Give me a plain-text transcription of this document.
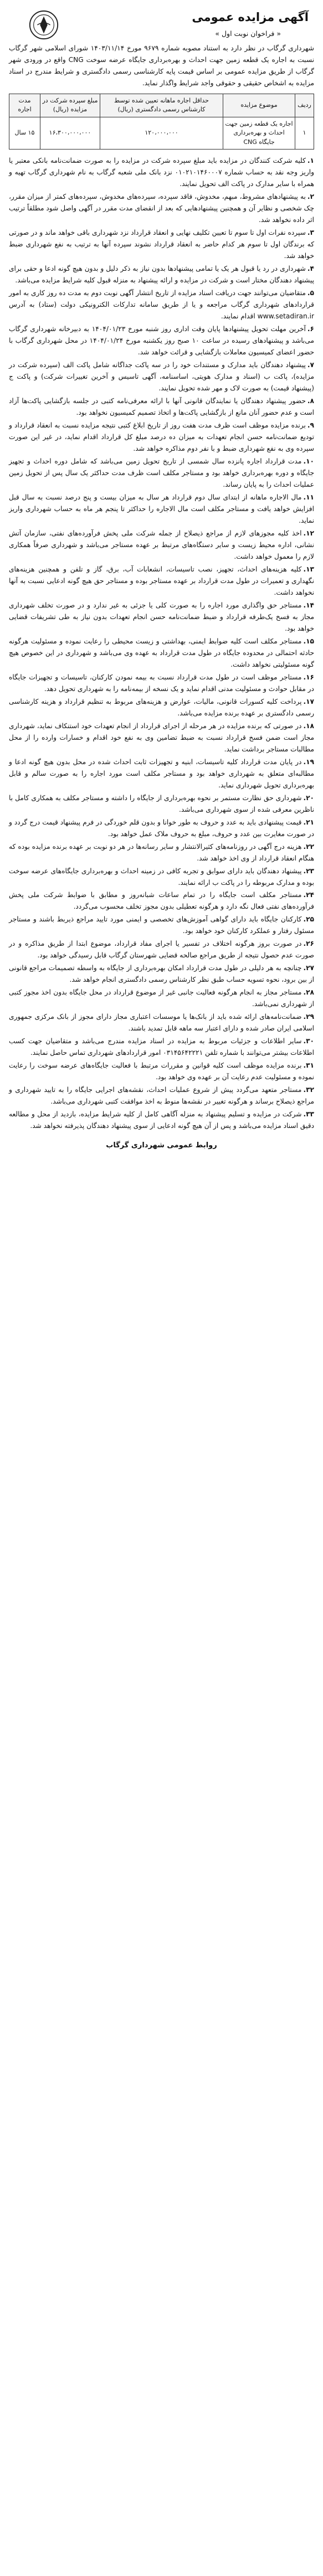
آگهی مزایده عمومی
« فراخوان نوبت اول »

شهرداری گرگاب در نظر دارد به استناد مصوبه شماره ۹۶۷۹ مورخ ۱۴۰۳/۱۱/۱۴ شورای اسلامی شهر گرگاب نسبت به اجاره یک قطعه زمین جهت احداث و بهره‌برداری جایگاه عرضه سوخت CNG واقع در ورودی شهر گرگاب از طریق مزایده عمومی بر اساس قیمت پایه کارشناسی رسمی دادگستری و شرایط مندرج در اسناد مزایده به اشخاص حقیقی و حقوقی واجد شرایط واگذار نماید.

ردیف	موضوع مزایده	حداقل اجاره ماهانه تعیین شده توسط کارشناس رسمی دادگستری (ریال)	مبلغ سپرده شرکت در مزایده (ریال)	مدت اجاره
۱	اجاره یک قطعه زمین جهت احداث و بهره‌برداری جایگاه CNG	۱۲۰،۰۰۰،۰۰۰	۱۶،۳۰۰،۰۰۰،۰۰۰	۱۵ سال
۱.کلیه شرکت کنندگان در مزایده باید مبلغ سپرده شرکت در مزایده را به صورت ضمانت‌نامه بانکی معتبر یا واریز وجه نقد به حساب شماره ۰۱۰۲۱۰۱۴۶۰۰۰۷ نزد بانک ملی شعبه گرگاب به نام شهرداری گرگاب تهیه و همراه با سایر مدارک در پاکت الف تحویل نمایند.
۲.به پیشنهادهای مشروط، مبهم، مخدوش، فاقد سپرده، سپرده‌های مخدوش، سپرده‌های کمتر از میزان مقرر، چک شخصی و نظایر آن و همچنین پیشنهادهایی که بعد از انقضای مدت مقرر در آگهی واصل شود مطلقاً ترتیب اثر داده نخواهد شد.
۳.سپرده نفرات اول تا سوم تا تعیین تکلیف نهایی و انعقاد قرارداد نزد شهرداری باقی خواهد ماند و در صورتی که برندگان اول تا سوم هر کدام حاضر به انعقاد قرارداد نشوند سپرده آنها به ترتیب به نفع شهرداری ضبط خواهد شد.
۴.شهرداری در رد یا قبول هر یک یا تمامی پیشنهادها بدون نیاز به ذکر دلیل و بدون هیچ گونه ادعا و حقی برای پیشنهاد دهندگان مختار است و شرکت در مزایده و ارائه پیشنهاد به منزله قبول کلیه شرایط مزایده می‌باشد.
۵.متقاضیان می‌توانند جهت دریافت اسناد مزایده از تاریخ انتشار آگهی نوبت دوم به مدت ده روز کاری به امور قراردادهای شهرداری گرگاب مراجعه و یا از طریق سامانه تدارکات الکترونیکی دولت (ستاد) به آدرس www.setadiran.ir اقدام نمایند.
۶.آخرین مهلت تحویل پیشنهادها پایان وقت اداری روز شنبه مورخ ۱۴۰۴/۰۱/۲۳ به دبیرخانه شهرداری گرگاب می‌باشد و پیشنهادهای رسیده در ساعت ۱۰ صبح روز یکشنبه مورخ ۱۴۰۴/۰۱/۲۴ در محل شهرداری گرگاب با حضور اعضای کمیسیون معاملات بازگشایی و قرائت خواهد شد.
۷.پیشنهاد دهندگان باید مدارک و مستندات خود را در سه پاکت جداگانه شامل پاکت الف (سپرده شرکت در مزایده)، پاکت ب (اسناد و مدارک هویتی، اساسنامه، آگهی تاسیس و آخرین تغییرات شرکت) و پاکت ج (پیشنهاد قیمت) به صورت لاک و مهر شده تحویل نمایند.
۸.حضور پیشنهاد دهندگان یا نمایندگان قانونی آنها با ارائه معرفی‌نامه کتبی در جلسه بازگشایی پاکت‌ها آزاد است و عدم حضور آنان مانع از بازگشایی پاکت‌ها و اتخاذ تصمیم کمیسیون نخواهد بود.
۹.برنده مزایده موظف است ظرف مدت هفت روز از تاریخ ابلاغ کتبی نتیجه مزایده نسبت به انعقاد قرارداد و تودیع ضمانت‌نامه حسن انجام تعهدات به میزان ده درصد مبلغ کل قرارداد اقدام نماید، در غیر این صورت سپرده وی به نفع شهرداری ضبط و با نفر دوم مذاکره خواهد شد.
۱۰.مدت قرارداد اجاره پانزده سال شمسی از تاریخ تحویل زمین می‌باشد که شامل دوره احداث و تجهیز جایگاه و دوره بهره‌برداری خواهد بود و مستاجر مکلف است ظرف مدت حداکثر یک سال پس از تحویل زمین عملیات احداث را به پایان رساند.
۱۱.مال الاجاره ماهانه از ابتدای سال دوم قرارداد هر سال به میزان بیست و پنج درصد نسبت به سال قبل افزایش خواهد یافت و مستاجر مکلف است مال الاجاره را حداکثر تا پنجم هر ماه به حساب شهرداری واریز نماید.
۱۲.اخذ کلیه مجوزهای لازم از مراجع ذیصلاح از جمله شرکت ملی پخش فرآورده‌های نفتی، سازمان آتش نشانی، اداره محیط زیست و سایر دستگاه‌های مرتبط بر عهده مستاجر می‌باشد و شهرداری صرفاً همکاری لازم را معمول خواهد داشت.
۱۳.کلیه هزینه‌های احداث، تجهیز، نصب تاسیسات، انشعابات آب، برق، گاز و تلفن و همچنین هزینه‌های نگهداری و تعمیرات در طول مدت قرارداد بر عهده مستاجر بوده و مستاجر حق هیچ گونه ادعایی نسبت به آنها نخواهد داشت.
۱۴.مستاجر حق واگذاری مورد اجاره را به صورت کلی یا جزئی به غیر ندارد و در صورت تخلف شهرداری مجاز به فسخ یک‌طرفه قرارداد و ضبط ضمانت‌نامه حسن انجام تعهدات بدون نیاز به طی تشریفات قضایی خواهد بود.
۱۵.مستاجر مکلف است کلیه ضوابط ایمنی، بهداشتی و زیست محیطی را رعایت نموده و مسئولیت هرگونه حادثه احتمالی در محدوده جایگاه در طول مدت قرارداد به عهده وی می‌باشد و شهرداری در این خصوص هیچ گونه مسئولیتی نخواهد داشت.
۱۶.مستاجر موظف است در طول مدت قرارداد نسبت به بیمه نمودن کارکنان، تاسیسات و تجهیزات جایگاه در مقابل حوادث و مسئولیت مدنی اقدام نماید و یک نسخه از بیمه‌نامه را به شهرداری تحویل دهد.
۱۷.پرداخت کلیه کسورات قانونی، مالیات، عوارض و هزینه‌های مربوط به تنظیم قرارداد و هزینه کارشناسی رسمی دادگستری بر عهده برنده مزایده می‌باشد.
۱۸.در صورتی که برنده مزایده در هر مرحله از اجرای قرارداد از انجام تعهدات خود استنکاف نماید، شهرداری مجاز است ضمن فسخ قرارداد نسبت به ضبط تضامین وی به نفع خود اقدام و خسارات وارده را از محل مطالبات مستاجر برداشت نماید.
۱۹.در پایان مدت قرارداد کلیه تاسیسات، ابنیه و تجهیزات ثابت احداث شده در محل بدون هیچ گونه ادعا و مطالبه‌ای متعلق به شهرداری خواهد بود و مستاجر مکلف است مورد اجاره را به صورت سالم و قابل بهره‌برداری تحویل شهرداری نماید.
۲۰.شهرداری حق نظارت مستمر بر نحوه بهره‌برداری از جایگاه را داشته و مستاجر مکلف به همکاری کامل با ناظرین معرفی شده از سوی شهرداری می‌باشد.
۲۱.قیمت پیشنهادی باید به عدد و حروف به طور خوانا و بدون قلم خوردگی در فرم پیشنهاد قیمت درج گردد و در صورت مغایرت بین عدد و حروف، مبلغ به حروف ملاک عمل خواهد بود.
۲۲.هزینه درج آگهی در روزنامه‌های کثیرالانتشار و سایر رسانه‌ها در هر دو نوبت بر عهده برنده مزایده بوده که هنگام انعقاد قرارداد از وی اخذ خواهد شد.
۲۳.پیشنهاد دهندگان باید دارای سوابق و تجربه کافی در زمینه احداث و بهره‌برداری جایگاه‌های عرضه سوخت بوده و مدارک مربوطه را در پاکت ب ارائه نمایند.
۲۴.مستاجر مکلف است جایگاه را در تمام ساعات شبانه‌روز و مطابق با ضوابط شرکت ملی پخش فرآورده‌های نفتی فعال نگه دارد و هرگونه تعطیلی بدون مجوز تخلف محسوب می‌گردد.
۲۵.کارکنان جایگاه باید دارای گواهی آموزش‌های تخصصی و ایمنی مورد تایید مراجع ذیربط باشند و مستاجر مسئول رفتار و عملکرد کارکنان خود خواهد بود.
۲۶.در صورت بروز هرگونه اختلاف در تفسیر یا اجرای مفاد قرارداد، موضوع ابتدا از طریق مذاکره و در صورت عدم حصول نتیجه از طریق مراجع صالحه قضایی شهرستان گرگاب قابل رسیدگی خواهد بود.
۲۷.چنانچه به هر دلیلی در طول مدت قرارداد امکان بهره‌برداری از جایگاه به واسطه تصمیمات مراجع قانونی از بین برود، نحوه تسویه حساب طبق نظر کارشناس رسمی دادگستری انجام خواهد شد.
۲۸.مستاجر مجاز به انجام هرگونه فعالیت جانبی غیر از موضوع قرارداد در محل جایگاه بدون اخذ مجوز کتبی از شهرداری نمی‌باشد.
۲۹.ضمانت‌نامه‌های ارائه شده باید از بانک‌ها یا موسسات اعتباری مجاز دارای مجوز از بانک مرکزی جمهوری اسلامی ایران صادر شده و دارای اعتبار سه ماهه قابل تمدید باشند.
۳۰.سایر اطلاعات و جزئیات مربوط به مزایده در اسناد مزایده مندرج می‌باشد و متقاضیان جهت کسب اطلاعات بیشتر می‌توانند با شماره تلفن ۰۳۱۴۵۶۴۲۲۲۱ امور قراردادهای شهرداری تماس حاصل نمایند.
۳۱.برنده مزایده موظف است کلیه قوانین و مقررات مرتبط با فعالیت جایگاه‌های عرضه سوخت را رعایت نموده و مسئولیت عدم رعایت آن بر عهده وی خواهد بود.
۳۲.مستاجر متعهد می‌گردد پیش از شروع عملیات احداث، نقشه‌های اجرایی جایگاه را به تایید شهرداری و مراجع ذیصلاح برساند و هرگونه تغییر در نقشه‌ها منوط به اخذ موافقت کتبی شهرداری می‌باشد.
۳۳.شرکت در مزایده و تسلیم پیشنهاد به منزله آگاهی کامل از کلیه شرایط مزایده، بازدید از محل و مطالعه دقیق اسناد مزایده می‌باشد و پس از آن هیچ گونه ادعایی از سوی پیشنهاد دهندگان پذیرفته نخواهد شد.
روابط عمومی شهرداری گرگاب
